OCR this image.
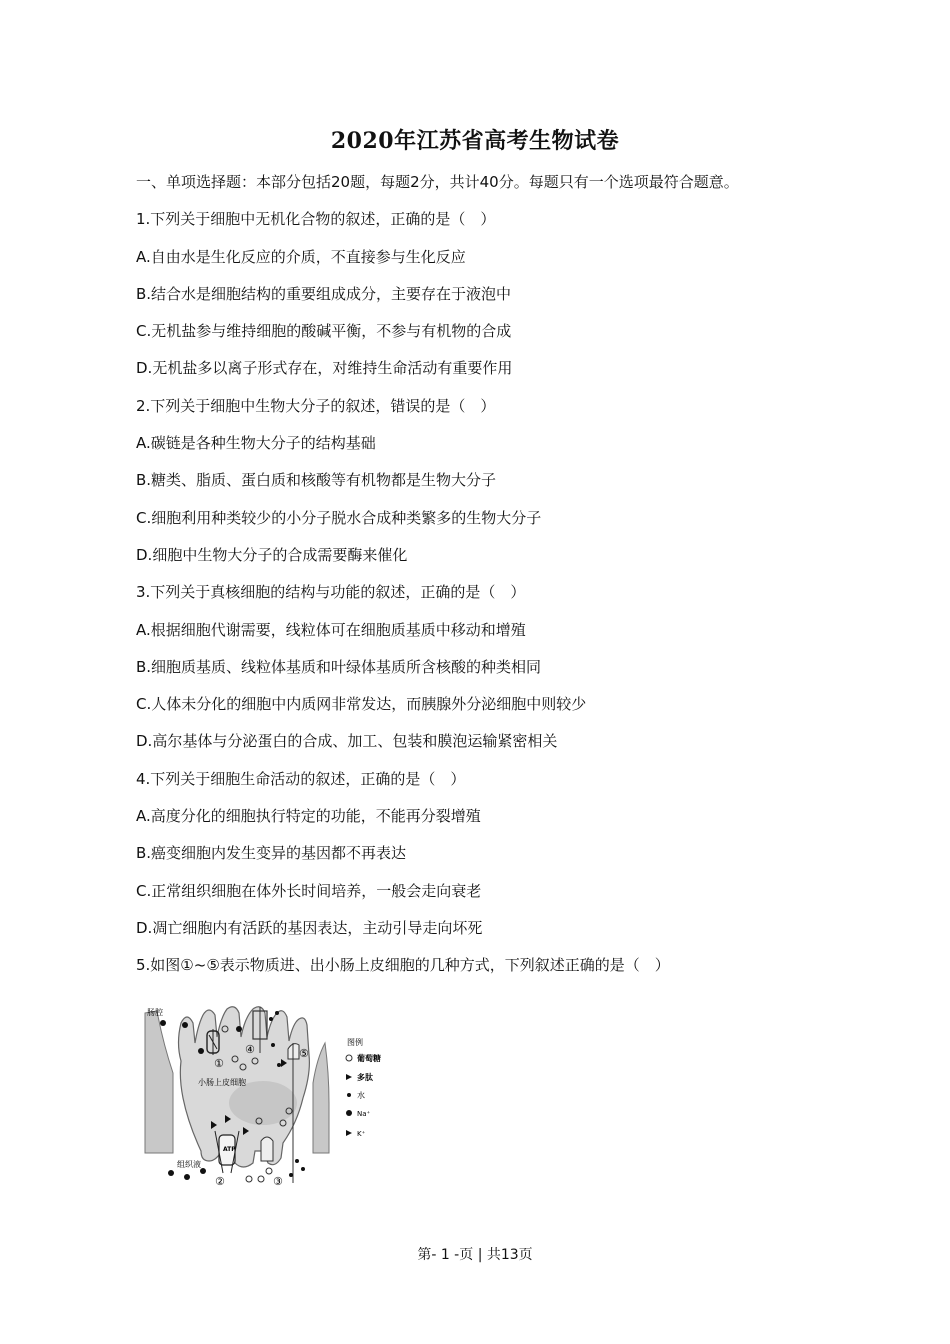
2020年江苏省高考生物试卷
一、单项选择题：本部分包括20题，每题2分，共计40分。每题只有一个选项最符合题意。
1.下列关于细胞中无机化合物的叙述，正确的是（　）
A.自由水是生化反应的介质，不直接参与生化反应
B.结合水是细胞结构的重要组成成分，主要存在于液泡中
C.无机盐参与维持细胞的酸碱平衡，不参与有机物的合成
D.无机盐多以离子形式存在，对维持生命活动有重要作用
2.下列关于细胞中生物大分子的叙述，错误的是（　）
A.碳链是各种生物大分子的结构基础
B.糖类、脂质、蛋白质和核酸等有机物都是生物大分子
C.细胞利用种类较少的小分子脱水合成种类繁多的生物大分子
D.细胞中生物大分子的合成需要酶来催化
3.下列关于真核细胞的结构与功能的叙述，正确的是（　）
A.根据细胞代谢需要，线粒体可在细胞质基质中移动和增殖
B.细胞质基质、线粒体基质和叶绿体基质所含核酸的种类相同
C.人体未分化的细胞中内质网非常发达，而胰腺外分泌细胞中则较少
D.高尔基体与分泌蛋白的合成、加工、包装和膜泡运输紧密相关
4.下列关于细胞生命活动的叙述，正确的是（　）
A.高度分化的细胞执行特定的功能，不能再分裂增殖
B.癌变细胞内发生变异的基因都不再表达
C.正常组织细胞在体外长时间培养，一般会走向衰老
D.凋亡细胞内有活跃的基因表达，主动引导走向坏死
5.如图①~⑤表示物质进、出小肠上皮细胞的几种方式，下列叙述正确的是（　）
肠腔
小肠上皮细胞
组织液
ATP
①
②	③
④	⑤
图例
葡萄糖
多肽
水
Na⁺
K⁺
第- 1 -页 | 共13页
